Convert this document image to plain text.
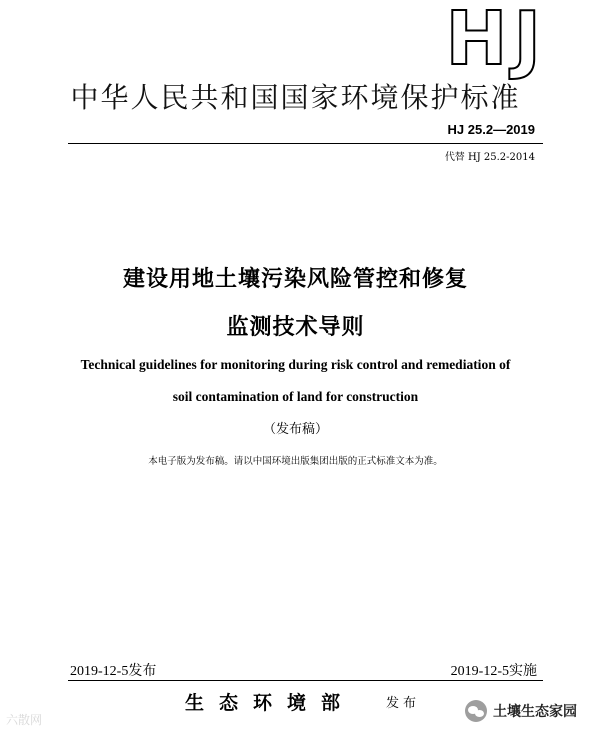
HJ
中华人民共和国国家环境保护标准
HJ 25.2—2019
代替 HJ 25.2-2014
建设用地土壤污染风险管控和修复
监测技术导则
Technical guidelines for monitoring during risk control and remediation of
soil contamination of land for construction
（发布稿）
本电子版为发布稿。请以中国环境出版集团出版的正式标准文本为准。
2019-12-5发布	2019-12-5实施
生态环境部 发布
六散网	土壤生态家园
